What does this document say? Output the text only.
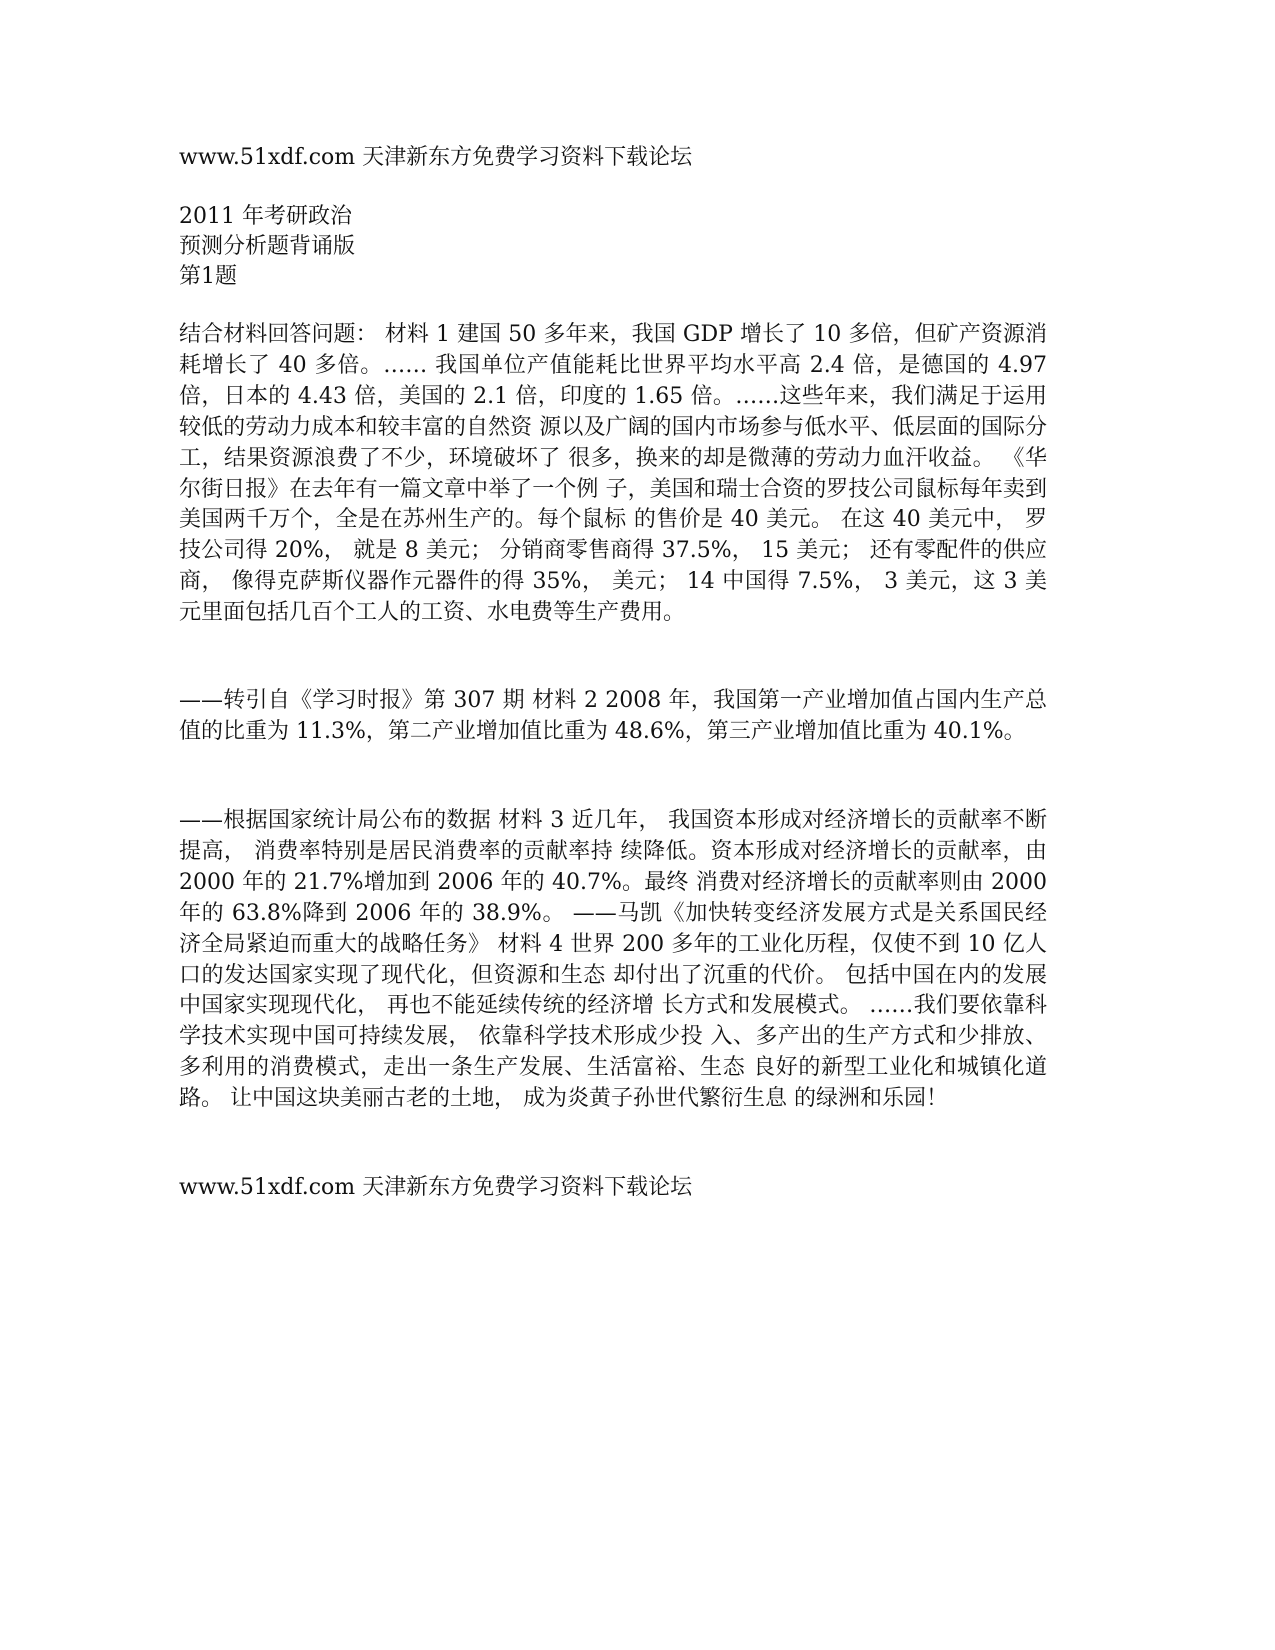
www.51xdf.com 天津新东方免费学习资料下载论坛
2011 年考研政治
预测分析题背诵版
第1题
结合材料回答问题： 材料 1 建国 50 多年来，我国 GDP 增长了 10 多倍，但矿产资源消耗增长了 40 多倍。…… 我国单位产值能耗比世界平均水平高 2.4 倍，是德国的 4.97 倍，日本的 4.43 倍，美国的 2.1 倍，印度的 1.65 倍。……这些年来，我们满足于运用较低的劳动力成本和较丰富的自然资 源以及广阔的国内市场参与低水平、低层面的国际分工，结果资源浪费了不少，环境破坏了 很多，换来的却是微薄的劳动力血汗收益。 《华尔街日报》在去年有一篇文章中举了一个例 子，美国和瑞士合资的罗技公司鼠标每年卖到美国两千万个，全是在苏州生产的。每个鼠标 的售价是 40 美元。 在这 40 美元中， 罗技公司得 20%， 就是 8 美元； 分销商零售商得 37.5%， 15 美元； 还有零配件的供应商， 像得克萨斯仪器作元器件的得 35%， 美元； 14 中国得 7.5%， 3 美元，这 3 美元里面包括几百个工人的工资、水电费等生产费用。
——转引自《学习时报》第 307 期 材料 2 2008 年，我国第一产业增加值占国内生产总值的比重为 11.3%，第二产业增加值比重为 48.6%，第三产业增加值比重为 40.1%。
——根据国家统计局公布的数据 材料 3 近几年， 我国资本形成对经济增长的贡献率不断提高， 消费率特别是居民消费率的贡献率持 续降低。资本形成对经济增长的贡献率，由 2000 年的 21.7%增加到 2006 年的 40.7%。最终 消费对经济增长的贡献率则由 2000 年的 63.8%降到 2006 年的 38.9%。 ——马凯《加快转变经济发展方式是关系国民经济全局紧迫而重大的战略任务》 材料 4 世界 200 多年的工业化历程，仅使不到 10 亿人口的发达国家实现了现代化，但资源和生态 却付出了沉重的代价。 包括中国在内的发展中国家实现现代化， 再也不能延续传统的经济增 长方式和发展模式。 ……我们要依靠科学技术实现中国可持续发展， 依靠科学技术形成少投 入、多产出的生产方式和少排放、多利用的消费模式，走出一条生产发展、生活富裕、生态 良好的新型工业化和城镇化道路。 让中国这块美丽古老的土地， 成为炎黄子孙世代繁衍生息 的绿洲和乐园！
www.51xdf.com 天津新东方免费学习资料下载论坛
